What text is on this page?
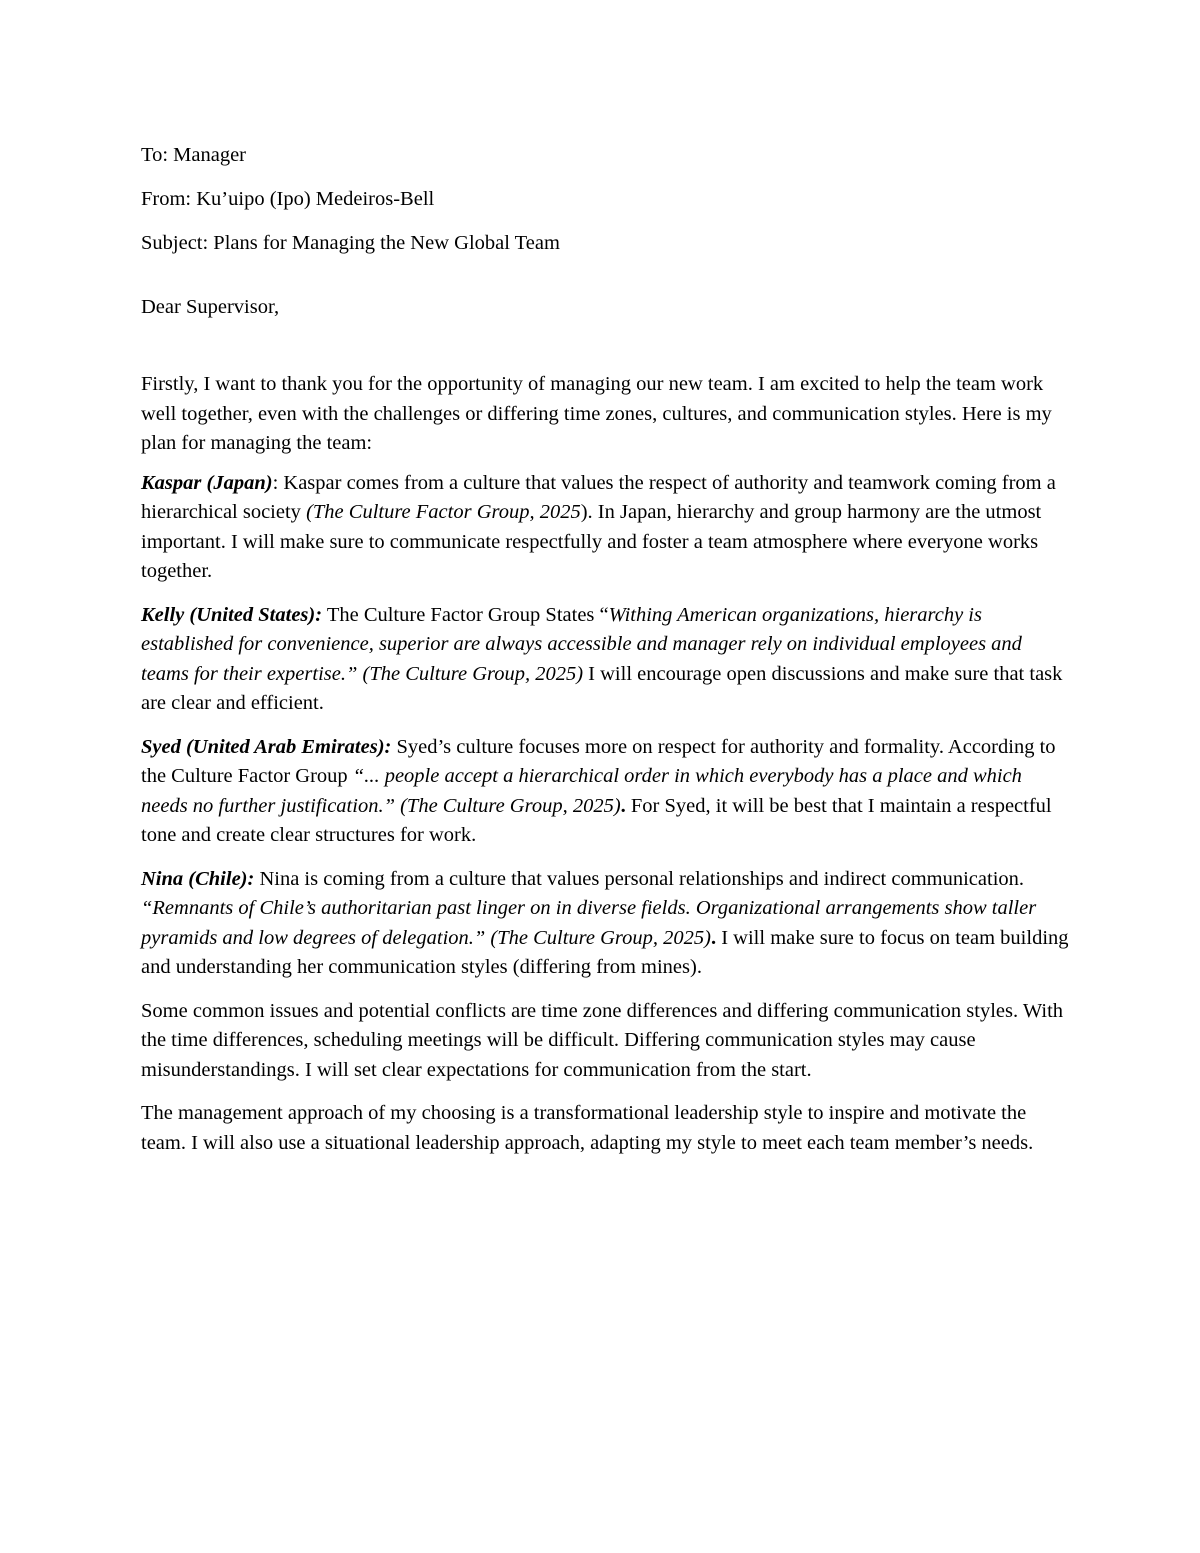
To: Manager
From: Ku’uipo (Ipo) Medeiros-Bell
Subject: Plans for Managing the New Global Team
Dear Supervisor,

Firstly, I want to thank you for the opportunity of managing our new team. I am excited to help the team work well together, even with the challenges or differing time zones, cultures, and communication styles. Here is my plan for managing the team:

Kaspar (Japan): Kaspar comes from a culture that values the respect of authority and teamwork coming from a hierarchical society (The Culture Factor Group, 2025). In Japan, hierarchy and group harmony are the utmost important. I will make sure to communicate respectfully and foster a team atmosphere where everyone works together.

Kelly (United States): The Culture Factor Group States “Withing American organizations, hierarchy is established for convenience, superior are always accessible and manager rely on individual employees and teams for their expertise.” (The Culture Group, 2025) I will encourage open discussions and make sure that task are clear and efficient.

Syed (United Arab Emirates): Syed’s culture focuses more on respect for authority and formality. According to the Culture Factor Group “... people accept a hierarchical order in which everybody has a place and which needs no further justification.” (The Culture Group, 2025). For Syed, it will be best that I maintain a respectful tone and create clear structures for work.

Nina (Chile): Nina is coming from a culture that values personal relationships and indirect communication. “Remnants of Chile’s authoritarian past linger on in diverse fields. Organizational arrangements show taller pyramids and low degrees of delegation.” (The Culture Group, 2025). I will make sure to focus on team building and understanding her communication styles (differing from mines).

Some common issues and potential conflicts are time zone differences and differing communication styles. With the time differences, scheduling meetings will be difficult. Differing communication styles may cause misunderstandings. I will set clear expectations for communication from the start.

The management approach of my choosing is a transformational leadership style to inspire and motivate the team. I will also use a situational leadership approach, adapting my style to meet each team member’s needs.
